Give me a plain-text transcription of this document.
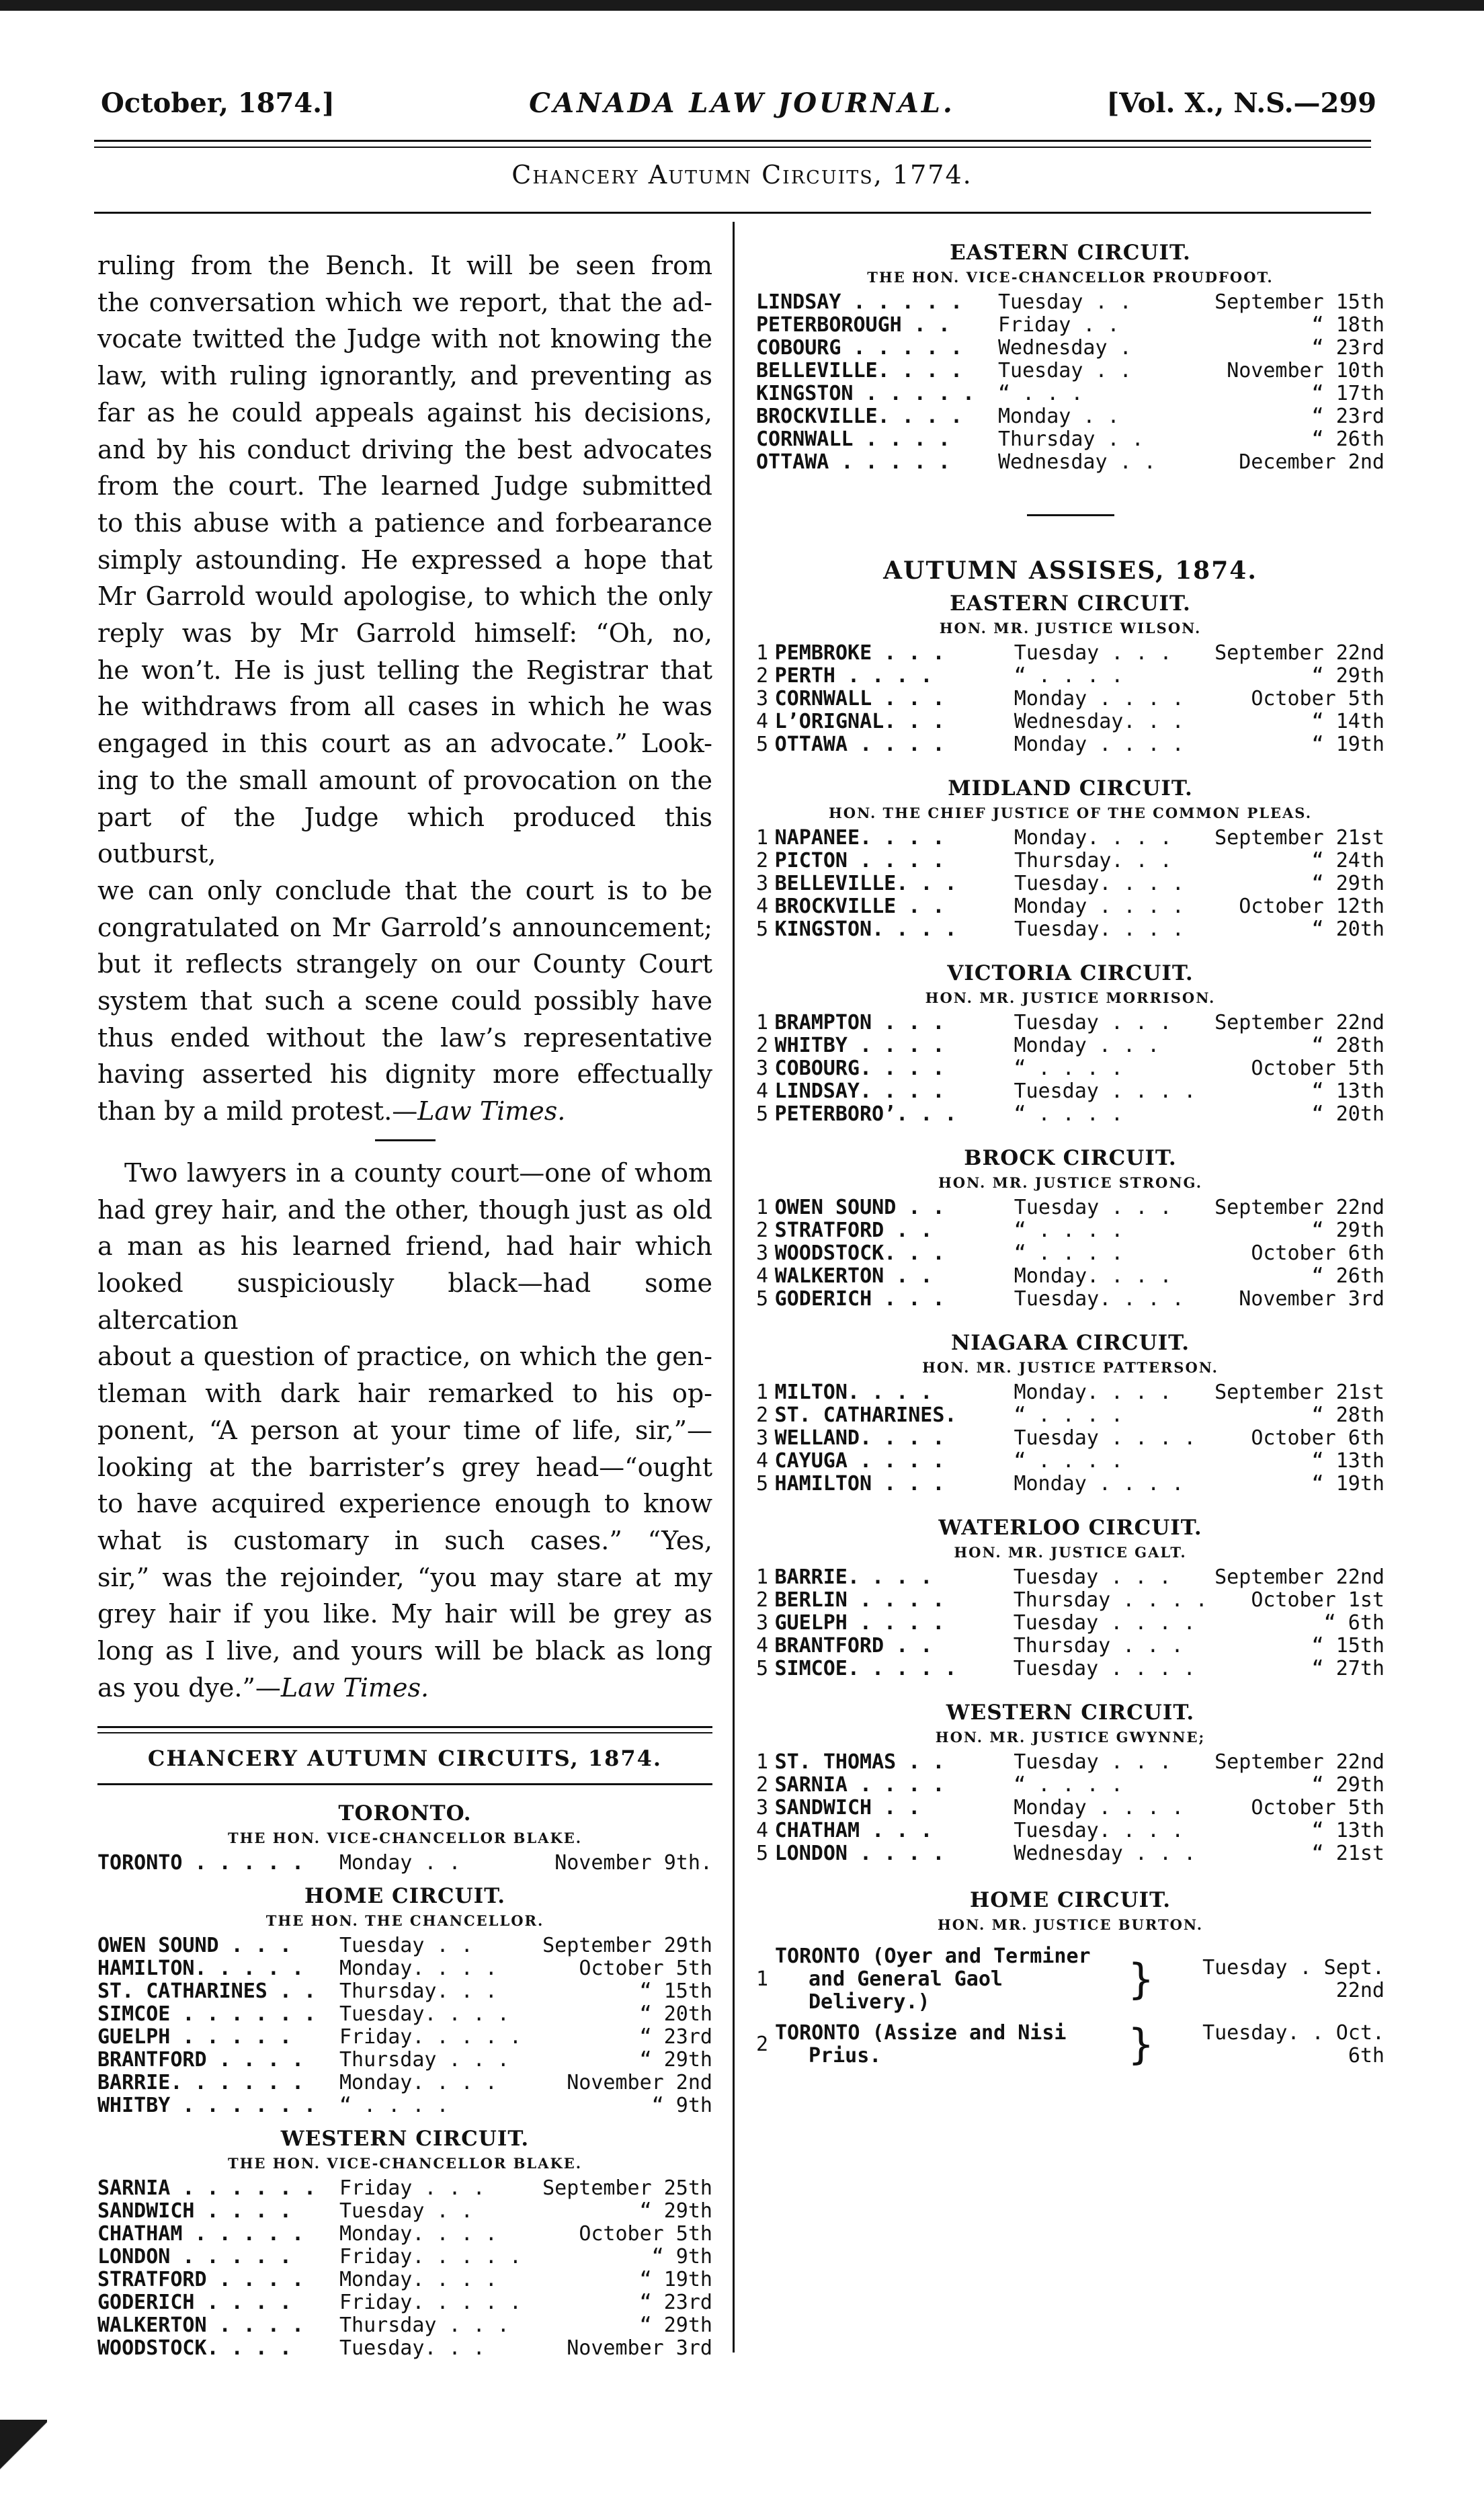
October, 1874.]	CANADA LAW JOURNAL.	[Vol. X., N.S.—299
Chancery Autumn Circuits, 1774.

ruling from the Bench. It will be seen from

the conversation which we report, that the ad-

vocate twitted the Judge with not knowing the

law, with ruling ignorantly, and preventing as

far as he could appeals against his decisions,

and by his conduct driving the best advocates

from the court. The learned Judge submitted

to this abuse with a patience and forbearance

simply astounding. He expressed a hope that

Mr Garrold would apologise, to which the only

reply was by Mr Garrold himself: “Oh, no,

he won’t. He is just telling the Registrar that

he withdraws from all cases in which he was

engaged in this court as an advocate.” Look-

ing to the small amount of provocation on the

part of the Judge which produced this outburst,

we can only conclude that the court is to be

congratulated on Mr Garrold’s announcement;

but it reflects strangely on our County Court

system that such a scene could possibly have

thus ended without the law’s representative

having asserted his dignity more effectually

than by a mild protest.—Law Times.

Two lawyers in a county court—one of whom

had grey hair, and the other, though just as old

a man as his learned friend, had hair which

looked suspiciously black—had some altercation

about a question of practice, on which the gen-

tleman with dark hair remarked to his op-

ponent, “A person at your time of life, sir,”—

looking at the barrister’s grey head—“ought

to have acquired experience enough to know

what is customary in such cases.” “Yes,

sir,” was the rejoinder, “you may stare at my

grey hair if you like. My hair will be grey as

long as I live, and yours will be black as long

as you dye.”—Law Times.

CHANCERY AUTUMN CIRCUITS, 1874.

TORONTO.

THE HON. VICE-CHANCELLOR BLAKE.

TORONTO . . . . .	Monday . .	November 9th.

HOME CIRCUIT.

THE HON. THE CHANCELLOR.

OWEN SOUND . . .	Tuesday . .	September 29th
HAMILTON. . . . .	Monday. . . .	October 5th
ST. CATHARINES . .	Thursday. . .	“ 15th
SIMCOE . . . . . .	Tuesday. . . .	“ 20th
GUELPH . . . . .	Friday. . . . .	“ 23rd
BRANTFORD . . . .	Thursday . . .	“ 29th
BARRIE. . . . . .	Monday. . . .	November 2nd
WHITBY . . . . . .	“ . . . .	“ 9th

WESTERN CIRCUIT.

THE HON. VICE-CHANCELLOR BLAKE.

SARNIA . . . . . .	Friday . . .	September 25th
SANDWICH . . . .	Tuesday . .	“ 29th
CHATHAM . . . . .	Monday. . . .	October 5th
LONDON . . . . .	Friday. . . . .	“ 9th
STRATFORD . . . .	Monday. . . .	“ 19th
GODERICH . . . .	Friday. . . . .	“ 23rd
WALKERTON . . . .	Thursday . . .	“ 29th
WOODSTOCK. . . .	Tuesday. . .	November 3rd

EASTERN CIRCUIT.

THE HON. VICE-CHANCELLOR PROUDFOOT.

LINDSAY . . . . .	Tuesday . .	September 15th
PETERBOROUGH . .	Friday . .	“ 18th
COBOURG . . . . .	Wednesday .	“ 23rd
BELLEVILLE. . . .	Tuesday . .	November 10th
KINGSTON . . . . .	“ . . .	“ 17th
BROCKVILLE. . . .	Monday . .	“ 23rd
CORNWALL . . . .	Thursday . .	“ 26th
OTTAWA . . . . .	Wednesday . .	December 2nd

AUTUMN ASSISES, 1874.

EASTERN CIRCUIT.

HON. MR. JUSTICE WILSON.

1	PEMBROKE . . .	Tuesday . . .	September 22nd
2	PERTH . . . .	“ . . . .	“ 29th
3	CORNWALL . . .	Monday . . . .	October 5th
4	L’ORIGNAL. . .	Wednesday. . .	“ 14th
5	OTTAWA . . . .	Monday . . . .	“ 19th

MIDLAND CIRCUIT.

HON. THE CHIEF JUSTICE OF THE COMMON PLEAS.

1	NAPANEE. . . .	Monday. . . .	September 21st
2	PICTON . . . .	Thursday. . .	“ 24th
3	BELLEVILLE. . .	Tuesday. . . .	“ 29th
4	BROCKVILLE . .	Monday . . . .	October 12th
5	KINGSTON. . . .	Tuesday. . . .	“ 20th

VICTORIA CIRCUIT.

HON. MR. JUSTICE MORRISON.

1	BRAMPTON . . .	Tuesday . . .	September 22nd
2	WHITBY . . . .	Monday . . .	“ 28th
3	COBOURG. . . .	“ . . . .	October 5th
4	LINDSAY. . . .	Tuesday . . . .	“ 13th
5	PETERBORO’. . .	“ . . . .	“ 20th

BROCK CIRCUIT.

HON. MR. JUSTICE STRONG.

1	OWEN SOUND . .	Tuesday . . .	September 22nd
2	STRATFORD . .	“ . . . .	“ 29th
3	WOODSTOCK. . .	“ . . . .	October 6th
4	WALKERTON . .	Monday. . . .	“ 26th
5	GODERICH . . .	Tuesday. . . .	November 3rd

NIAGARA CIRCUIT.

HON. MR. JUSTICE PATTERSON.

1	MILTON. . . .	Monday. . . .	September 21st
2	ST. CATHARINES.	“ . . . .	“ 28th
3	WELLAND. . . .	Tuesday . . . .	October 6th
4	CAYUGA . . . .	“ . . . .	“ 13th
5	HAMILTON . . .	Monday . . . .	“ 19th

WATERLOO CIRCUIT.

HON. MR. JUSTICE GALT.

1	BARRIE. . . .	Tuesday . . .	September 22nd
2	BERLIN . . . .	Thursday . . . .	October 1st
3	GUELPH . . . .	Tuesday . . . .	“ 6th
4	BRANTFORD . .	Thursday . . .	“ 15th
5	SIMCOE. . . . .	Tuesday . . . .	“ 27th

WESTERN CIRCUIT.

HON. MR. JUSTICE GWYNNE;

1	ST. THOMAS . .	Tuesday . . .	September 22nd
2	SARNIA . . . .	“ . . . .	“ 29th
3	SANDWICH . .	Monday . . . .	October 5th
4	CHATHAM . . .	Tuesday. . . .	“ 13th
5	LONDON . . . .	Wednesday . . .	“ 21st

HOME CIRCUIT.

HON. MR. JUSTICE BURTON.

1
TORONTO (Oyer and Terminer
and General Gaol Delivery.)	}	Tuesday . Sept. 22nd
2 TORONTO (Assize and Nisi
Prius.	}	Tuesday. . Oct. 6th
